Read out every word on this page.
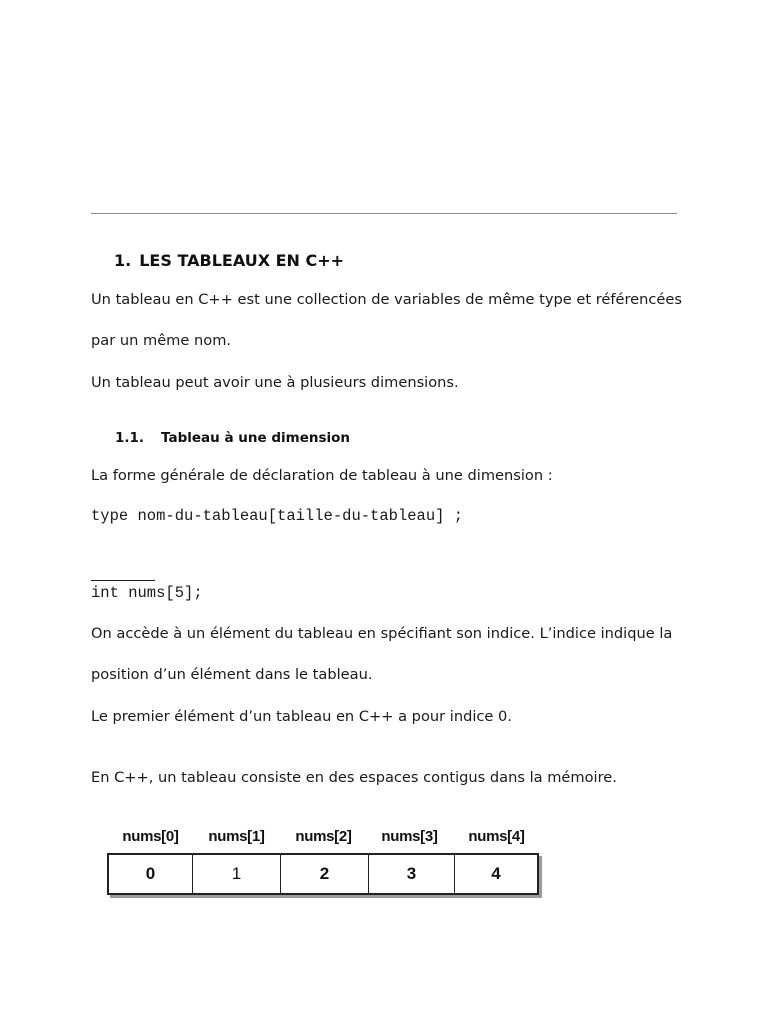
1. LES TABLEAUX EN C++
Un tableau en C++ est une collection de variables de même type et référencées
par un même nom.
Un tableau peut avoir une à plusieurs dimensions.
1.1. Tableau à une dimension
La forme générale de déclaration de tableau à une dimension :
type nom-du-tableau[taille-du-tableau] ;
int nums[5];
On accède à un élément du tableau en spécifiant son indice. L’indice indique la
position d’un élément dans le tableau.
Le premier élément d’un tableau en C++ a pour indice 0.
En C++, un tableau consiste en des espaces contigus dans la mémoire.
nums[0]	nums[1]	nums[2]	nums[3]	nums[4]
0	1	2	3	4
